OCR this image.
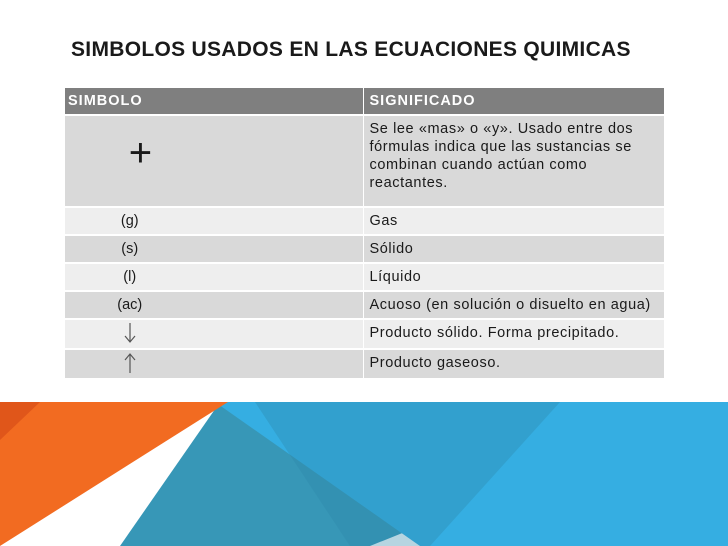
SIMBOLOS USADOS EN LAS ECUACIONES QUIMICAS
SIMBOLO	SIGNIFICADO
+	Se lee «mas» o «y». Usado entre dos fórmulas indica que las sustancias se combinan cuando actúan como reactantes.
(g)	Gas
(s)	Sólido
(l)	Líquido
(ac)	Acuoso (en solución o disuelto en agua)

	Producto sólido. Forma precipitado.

	Producto gaseoso.
